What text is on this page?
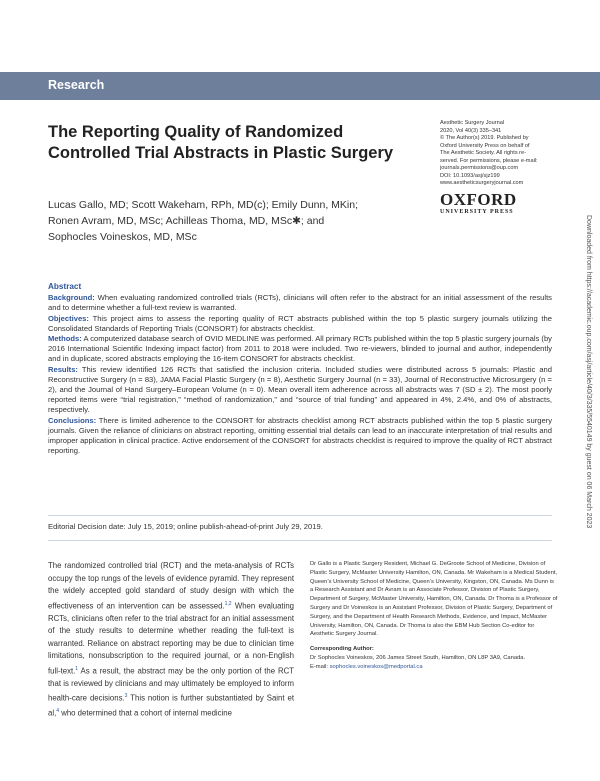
Research
The Reporting Quality of Randomized Controlled Trial Abstracts in Plastic Surgery
Lucas Gallo, MD; Scott Wakeham, RPh, MD(c); Emily Dunn, MKin; Ronen Avram, MD, MSc; Achilleas Thoma, MD, MSc✱; and Sophocles Voineskos, MD, MSc
Aesthetic Surgery Journal
2020, Vol 40(3) 335–341
© The Author(s) 2019. Published by
Oxford University Press on behalf of
The Aesthetic Society. All rights re-
served. For permissions, please e-mail:
journals.permissions@oup.com
DOI: 10.1093/asj/sjz199
www.aestheticsurgeryjournal.com
OXFORD
UNIVERSITY PRESS
Downloaded from https://academic.oup.com/asj/article/40/3/335/5540149 by guest on 06 March 2023
Abstract

Background: When evaluating randomized controlled trials (RCTs), clinicians will often refer to the abstract for an initial assessment of the results and to determine whether a full-text review is warranted.

Objectives: This project aims to assess the reporting quality of RCT abstracts published within the top 5 plastic surgery journals utilizing the Consolidated Standards of Reporting Trials (CONSORT) for abstracts checklist.

Methods: A computerized database search of OVID MEDLINE was performed. All primary RCTs published within the top 5 plastic surgery journals (by 2016 International Scientific Indexing impact factor) from 2011 to 2018 were included. Two re-viewers, blinded to journal and author, independently and in duplicate, scored abstracts employing the 16-item CONSORT for abstracts checklist.

Results: This review identified 126 RCTs that satisfied the inclusion criteria. Included studies were distributed across 5 journals: Plastic and Reconstructive Surgery (n = 83), JAMA Facial Plastic Surgery (n = 8), Aesthetic Surgery Journal (n = 33), Journal of Reconstructive Microsurgery (n = 2), and the Journal of Hand Surgery–European Volume (n = 0). Mean overall item adherence across all abstracts was 7 (SD ± 2). The most poorly reported items were “trial registration,” “method of randomization,” and “source of trial funding” and appeared in 4%, 2.4%, and 0% of abstracts, respectively.

Conclusions: There is limited adherence to the CONSORT for abstracts checklist among RCT abstracts published within the top 5 plastic surgery journals. Given the reliance of clinicians on abstract reporting, omitting essential trial details can lead to an inaccurate interpretation of trial results and improper application in clinical practice. Active endorsement of the CONSORT for abstracts checklist is required to improve the quality of RCT abstract reporting.

Editorial Decision date: July 15, 2019; online publish-ahead-of-print July 29, 2019.
The randomized controlled trial (RCT) and the meta-analysis of RCTs occupy the top rungs of the levels of evidence pyramid. They represent the widely accepted gold standard of study design with which the effectiveness of an intervention can be assessed.$^{1,2}$ When evaluating RCTs, clinicians often refer to the trial abstract for an initial assessment of the study results to determine whether reading the full-text is warranted. Reliance on abstract reporting may be due to clinician time limitations, nonsubscription to the required journal, or a non-English full-text.$^1$ As a result, the abstract may be the only portion of the RCT that is reviewed by clinicians and may ultimately be employed to inform health-care decisions.$^3$ This notion is further substantiated by Saint et al,$^4$ who determined that a cohort of internal medicine
Dr Gallo is a Plastic Surgery Resident, Michael G. DeGroote School of Medicine, Division of Plastic Surgery, McMaster University Hamilton, ON, Canada. Mr Wakeham is a Medical Student, Queen’s University School of Medicine, Queen’s University, Kingston, ON, Canada. Ms Dunn is a Research Assistant and Dr Avram is an Associate Professor, Division of Plastic Surgery, Department of Surgery, McMaster University, Hamilton, ON, Canada. Dr Thoma is a Professor of Surgery and Dr Voineskos is an Assistant Professor, Division of Plastic Surgery, Department of Surgery, and the Department of Health Research Methods, Evidence, and Impact, McMaster University, Hamilton, ON, Canada. Dr Thoma is also the EBM Hub Section Co-editor for Aesthetic Surgery Journal.
Corresponding Author:
Dr Sophocles Voineskos, 206 James Street South, Hamilton, ON L8P 3A9, Canada.
E-mail: sophocles.voineskos@medportal.ca
